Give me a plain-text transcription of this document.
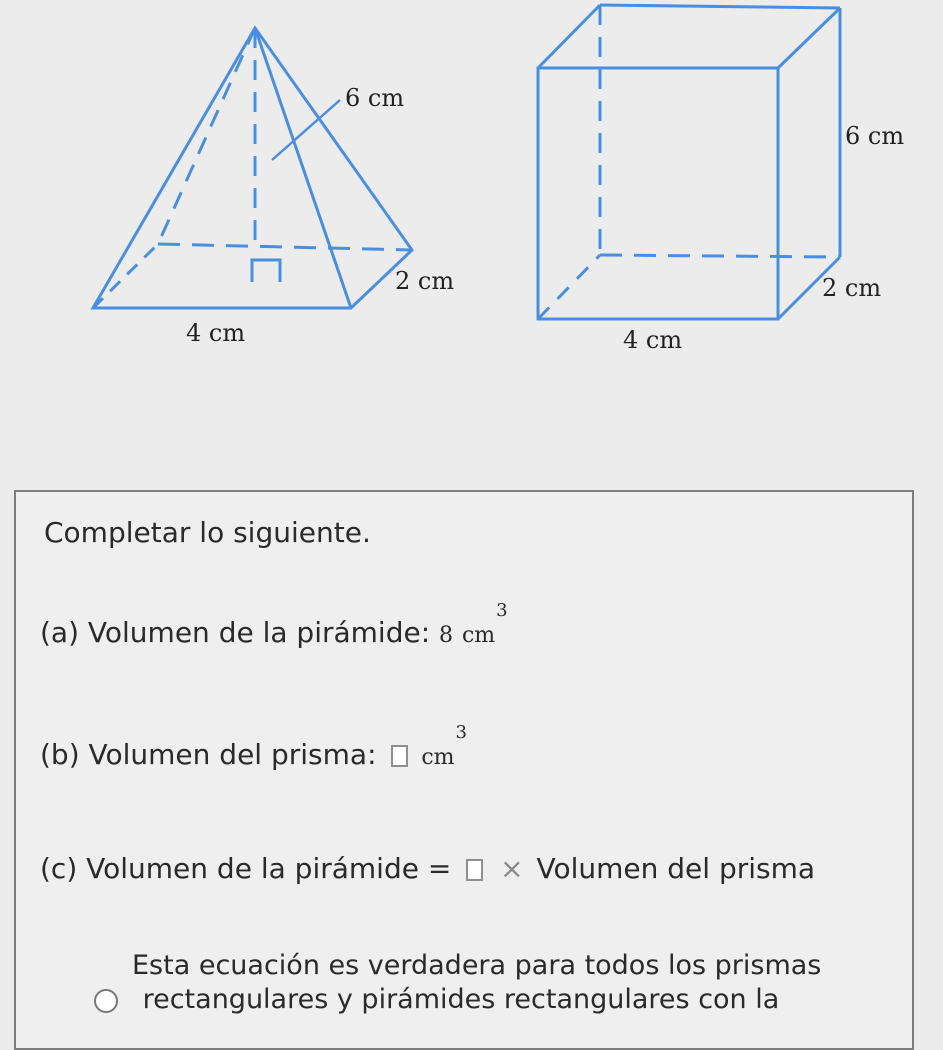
6 cm
4 cm
2 cm
6 cm
4 cm
2 cm
Completar lo siguiente.
(a) Volumen de la pirámide: 8 $cm^3$
(b) Volumen del prisma: $cm^3$
(c) Volumen de la pirámide = × Volumen del prisma
Esta ecuación es verdadera para todos los prismas
rectangulares y pirámides rectangulares con la
